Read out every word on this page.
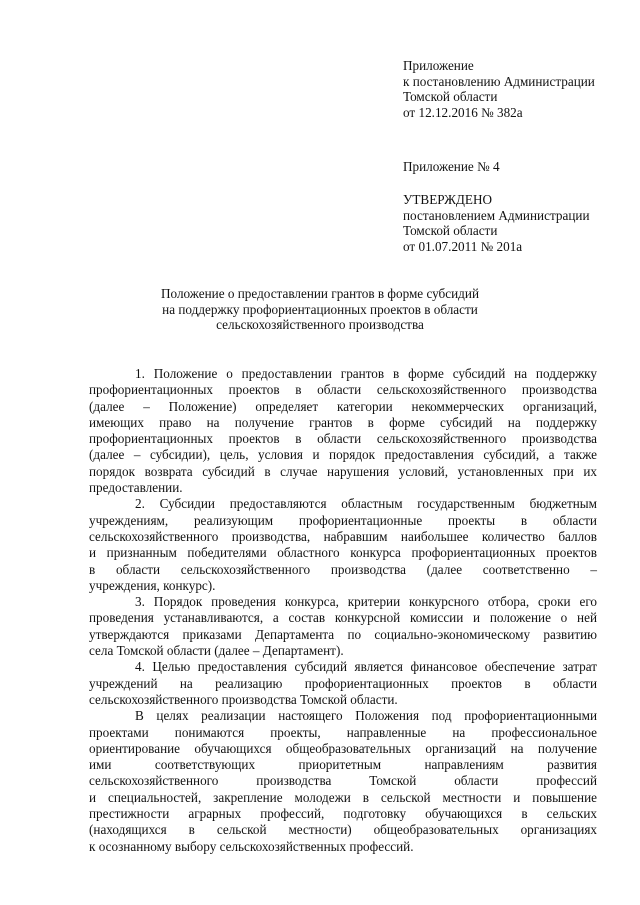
Приложение
к постановлению Администрации
Томской области
от 12.12.2016 № 382а
Приложение № 4
УТВЕРЖДЕНО
постановлением Администрации
Томской области
от 01.07.2011 № 201а
Положение о предоставлении грантов в форме субсидий
на поддержку профориентационных проектов в области
сельскохозяйственного производства
1. Положение о предоставлении грантов в форме субсидий на поддержку
профориентационных проектов в области сельскохозяйственного производства
(далее – Положение) определяет категории некоммерческих организаций,
имеющих право на получение грантов в форме субсидий на поддержку
профориентационных проектов в области сельскохозяйственного производства
(далее – субсидии), цель, условия и порядок предоставления субсидий, а также
порядок возврата субсидий в случае нарушения условий, установленных при их
предоставлении.
2. Субсидии предоставляются областным государственным бюджетным
учреждениям, реализующим профориентационные проекты в области
сельскохозяйственного производства, набравшим наибольшее количество баллов
и признанным победителями областного конкурса профориентационных проектов
в области сельскохозяйственного производства (далее соответственно –
учреждения, конкурс).
3. Порядок проведения конкурса, критерии конкурсного отбора, сроки его
проведения устанавливаются, а состав конкурсной комиссии и положение о ней
утверждаются приказами Департамента по социально-экономическому развитию
села Томской области (далее – Департамент).
4. Целью предоставления субсидий является финансовое обеспечение затрат
учреждений на реализацию профориентационных проектов в области
сельскохозяйственного производства Томской области.
В целях реализации настоящего Положения под профориентационными
проектами понимаются проекты, направленные на профессиональное
ориентирование обучающихся общеобразовательных организаций на получение
ими соответствующих приоритетным направлениям развития
сельскохозяйственного производства Томской области профессий
и специальностей, закрепление молодежи в сельской местности и повышение
престижности аграрных профессий, подготовку обучающихся в сельских
(находящихся в сельской местности) общеобразовательных организациях
к осознанному выбору сельскохозяйственных профессий.
